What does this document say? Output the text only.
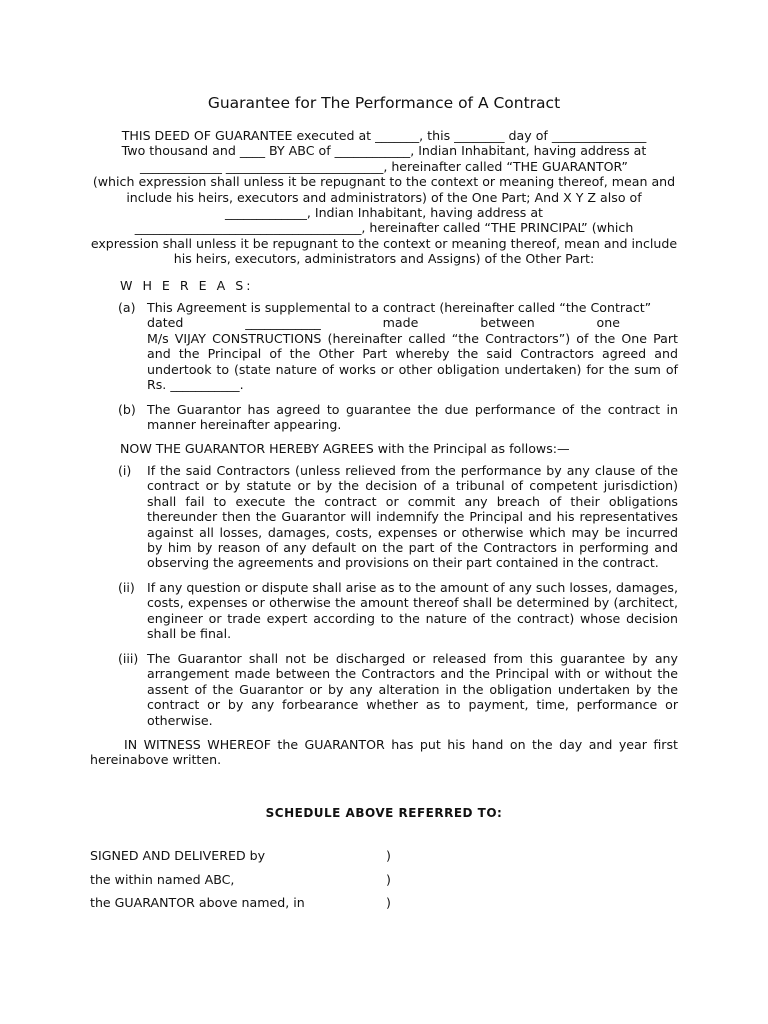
Guarantee for The Performance of A Contract
THIS DEED OF GUARANTEE executed at _______, this ________ day of _______________
Two thousand and ____ BY ABC of ____________, Indian Inhabitant, having address at
_____________ _________________________, hereinafter called “THE GUARANTOR”
(which expression shall unless it be repugnant to the context or meaning thereof, mean and
include his heirs, executors and administrators) of the One Part; And X Y Z also of
_____________, Indian Inhabitant, having address at
____________________________________, hereinafter called “THE PRINCIPAL” (which
expression shall unless it be repugnant to the context or meaning thereof, mean and include
his heirs, executors, administrators and Assigns) of the Other Part:
W H E R E A S:
(a) This Agreement is supplemental to a contract (hereinafter called “the Contract”
dated	____________	made	between	one
M/s VIJAY CONSTRUCTIONS (hereinafter called “the Contractors”) of the One Part and the Principal of the Other Part whereby the said Contractors agreed and undertook to (state nature of works or other obligation undertaken) for the sum of Rs. ___________.
(b) The Guarantor has agreed to guarantee the due performance of the contract in manner hereinafter appearing.
NOW THE GUARANTOR HEREBY AGREES with the Principal as follows:—
(i) If the said Contractors (unless relieved from the performance by any clause of the contract or by statute or by the decision of a tribunal of competent jurisdiction) shall fail to execute the contract or commit any breach of their obligations thereunder then the Guarantor will indemnify the Principal and his representatives against all losses, damages, costs, expenses or otherwise which may be incurred by him by reason of any default on the part of the Contractors in performing and observing the agreements and provisions on their part contained in the contract.
(ii) If any question or dispute shall arise as to the amount of any such losses, damages, costs, expenses or otherwise the amount thereof shall be determined by (architect, engineer or trade expert according to the nature of the contract) whose decision shall be final.
(iii) The Guarantor shall not be discharged or released from this guarantee by any arrangement made between the Contractors and the Principal with or without the assent of the Guarantor or by any alteration in the obligation undertaken by the contract or by any forbearance whether as to payment, time, performance or otherwise.
IN WITNESS WHEREOF the GUARANTOR has put his hand on the day and year first hereinabove written.
SCHEDULE ABOVE REFERRED TO:
SIGNED AND DELIVERED by	)
the within named ABC,	)
the GUARANTOR above named, in	)
